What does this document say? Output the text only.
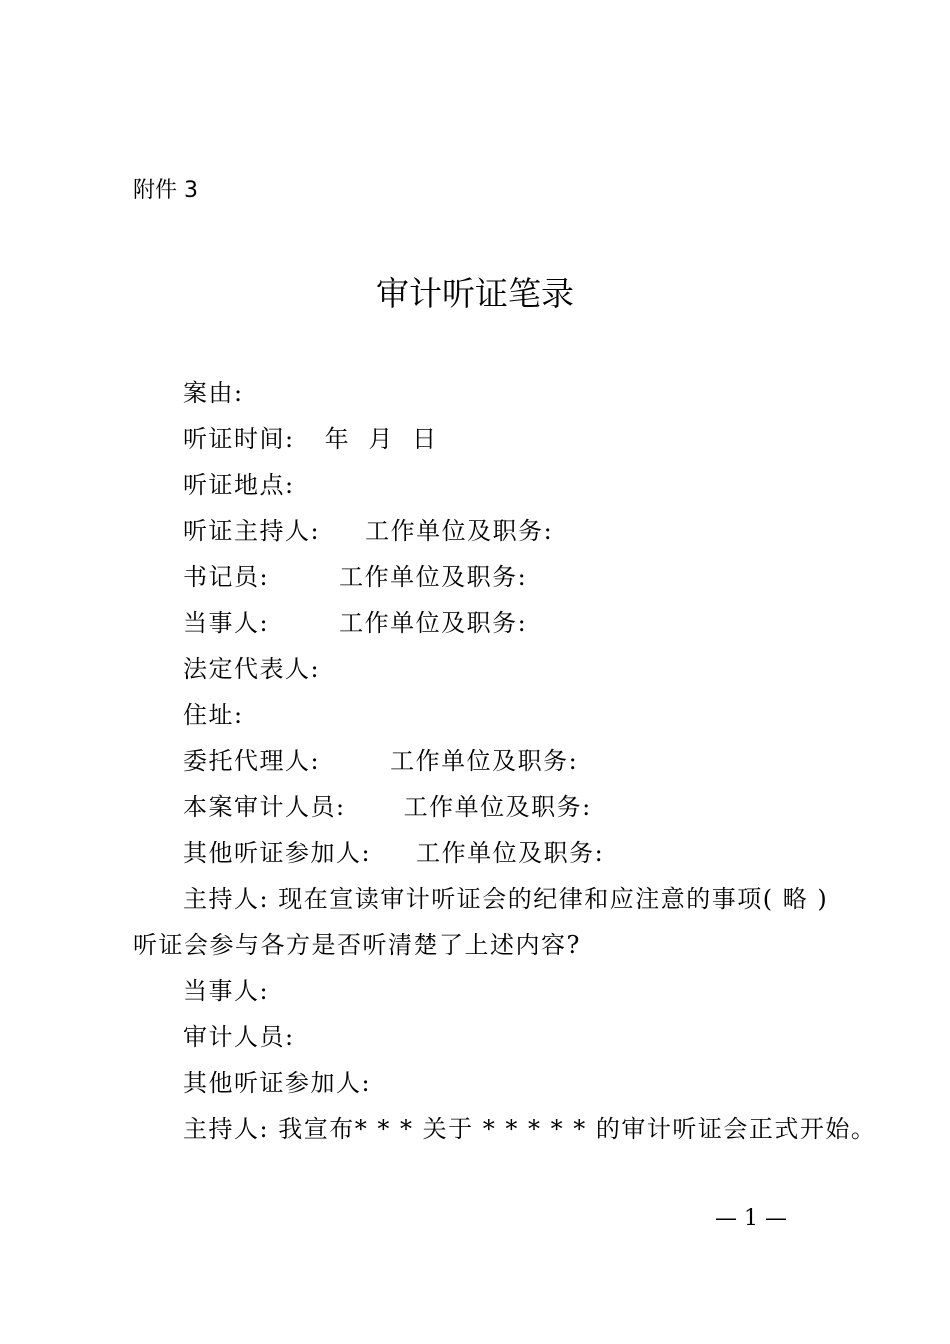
附件 3
审计听证笔录
案由:
听证时间: 年  月  日
听证地点:
听证主持人: 工作单位及职务:
书记员:	工作单位及职务:
当事人:	工作单位及职务:
法定代表人:
住址:
委托代理人:	工作单位及职务:
本案审计人员: 工作单位及职务:
其他听证参加人: 工作单位及职务:
主持人: 现在宣读审计听证会的纪律和应注意的事项( 略 )
听证会参与各方是否听清楚了上述内容?
当事人:
审计人员:
其他听证参加人:
主持人: 我宣布* * * 关于 * * * * * 的审计听证会正式开始。
— 1 —
